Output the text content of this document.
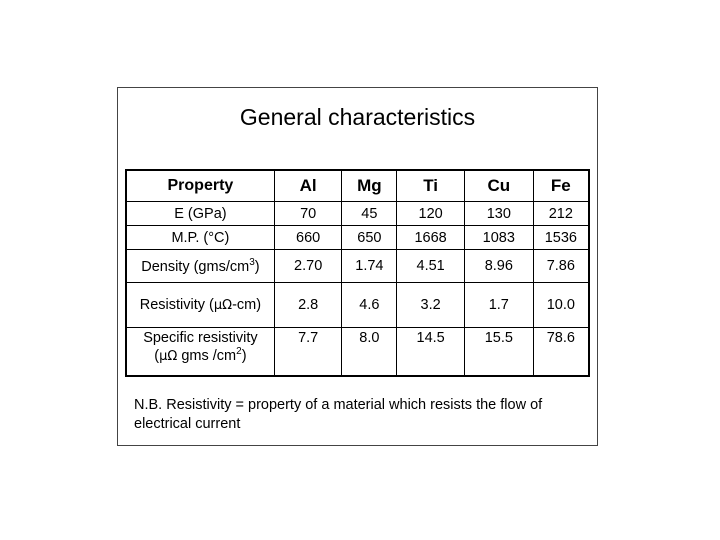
General characteristics
Property	Al	Mg	Ti	Cu	Fe
E (GPa)	70	45	120	130	212
M.P. (°C)	660	650	1668	1083	1536
Density $(gms/cm^3)$	2.70	1.74	4.51	8.96	7.86
Resistivity (μΩ-cm)	2.8	4.6	3.2	1.7	10.0
Specific resistivity
(μΩ gms $/cm^2$)	7.7	8.0	14.5	15.5	78.6
N.B. Resistivity = property of a material which resists the flow of electrical current
